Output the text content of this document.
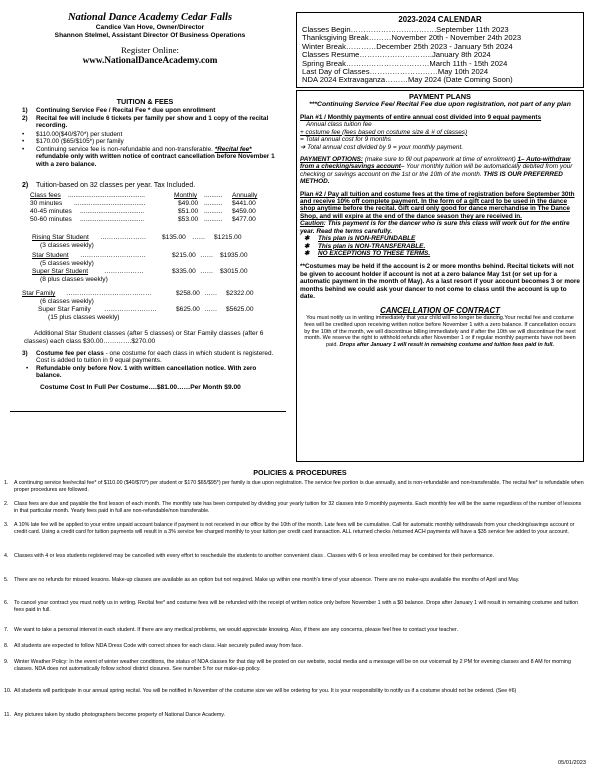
National Dance Academy Cedar Falls
Candice Van Hove, Owner/Director
Shannon Stelmel, Assistant Director Of Business Operations
Register Online:
www.NationalDanceAcademy.com
TUITION & FEES
1) Continuing Service Fee / Recital Fee * due upon enrollment
2) Recital fee will include 6 tickets per family per show and 1 copy of the recital recording.
• $110.00($40/$70*) per student
• $170.00 ($65/$105*) per family
• Continuing service fee is non-refundable and non-transferable. *Recital fee* refundable only with written notice of contract cancellation before November 1 with a zero balance.
2) Tuition-based on 32 classes per year. Tax Included.
Class fees ..........................................	Monthly .......... Annually
30 minutes .......................................	$49.00 .......... $441.00
40-45 minutes ...................................	$51.00 .......... $459.00
50-60 minutes ...................................	$53.00 .......... $477.00
Rising Star Student ………………… $135.00 …… $1215.00
(3 classes weekly)
Star Student …………………………	$215.00 …… $1935.00
(5 classes weekly)
Super Star Student ………………	$335.00 …… $3015.00
(8 plus classes weekly)
Star Family …………………………………	$258.00 …… $2322.00
(6 classes weekly)
Super Star Family ……………………	$625.00 …… $5625.00
(15 plus classes weekly)
Additional Star Student classes (after 5 classes) or Star Family classes (after 6 classes) each class $30.00………….$270.00
3) Costume fee per class - one costume for each class in which student is registered. Cost is added to tuition in 9 equal payments.
• Refundable only before Nov. 1 with written cancellation notice. With zero balance.
Costume Cost In Full Per Costume….$81.00……Per Month $9.00
2023-2024 CALENDAR
Classes Begin…………………………….September 11th 2023
Thanksgiving Break………November 20th - November 24th 2023
Winter Break…………December 25th 2023 - January 5th 2024
Classes Resume………………………..January 8th 2024
Spring Break……………………………March 11th - 15th 2024
Last Day of Classes………………………May 10th 2024
NDA 2024 Extravaganza………May 2024 (Date Coming Soon)
PAYMENT PLANS
***Continuing Service Fee/ Recital Fee due upon registration, not part of any plan
Plan #1 / Monthly payments of entire annual cost divided into 9 equal payments
Annual class tuition fee
+ costume fee (fees based on costume size & # of classes)
= Total annual cost for 9 months
➔ Total annual cost divided by 9 = your monthly payment.
PAYMENT OPTIONS: (make sure to fill out paperwork at time of enrollment) 1– Auto-withdraw from a checking/savings account– Your monthly tuition will be automatically debited from your checking or savings account on the 1st or the 10th of the month. THIS IS OUR PREFERRED METHOD.
Plan #2 / Pay all tuition and costume fees at the time of registration before September 30th and receive 10% off complete payment. In the form of a gift card to be used in the dance shop anytime before the recital. Gift card only good for dance merchandise in The Dance Shop, and will expire at the end of the dance season they are received in.
Caution: This payment is for the dancer who is sure this class will work out for the entire year. Read the terms carefully.
✱ This plan is NON-REFUNDABLE
✱ This plan is NON-TRANSFERABLE.
✱ NO EXCEPTIONS TO THESE TERMS.
**Costumes may be held if the account is 2 or more months behind. Recital tickets will not be given to account holder if account is not at a zero balance May 1st (or set up for a automatic payment in the month of May). As a last resort if your account becomes 3 or more months behind we could ask your dancer to not come to class until the account is up to date.
CANCELLATION OF CONTRACT
You must notify us in writing immediately that your child will no longer be dancing.Your recital fee and costume fees will be credited upon receiving written notice before November 1 with a zero balance. If cancellation occurs by the 10th of the month, we will discontinue billing immediately and if after the 10th we will discontinue the next month. We reserve the right to withhold refunds after November 1 or if regular monthly payments have not been paid. Drops after January 1 will result in remaining costume and tuition fees paid in full.
POLICIES & PROCEDURES
1. A continuing service fee/recital fee* of $110.00 ($40/$70*) per student or $170 $65/$95*) per family is due upon registration. The service fee portion is due annually, and is non-refundable and non-transferable. The recital fee* is refundable when proper procedures are followed.
2. Class fees are due and payable the first lesson of each month. The monthly rate has been computed by dividing your yearly tuition for 32 classes into 9 monthly payments. Each monthly fee will be the same regardless of the number of lessons in that particular month. Yearly fees paid in full are non-refundable/non transferable.
3. A 10% late fee will be applied to your entire unpaid account balance if payment is not received in our office by the 10th of the month. Late fees will be cumulative. Call for automatic monthly withdrawals from your checking/savings account or credit card. Using a credit card for tuition payments will result in a 3% service fee charged monthly to your tuition per credit card transaction. ALL returned checks /returned ACH payments will have a $35 service fee added to your account.
4. Classes with 4 or less students registered may be cancelled with every effort to reschedule the students to another convenient class . Classes with 6 or less enrolled may be combined for their performance.
5. There are no refunds for missed lessons. Make-up classes are available as an option but not required. Make up within one month's time of your absence. There are no make-ups available the months of April and May.
6. To cancel your contract you must notify us in writing. Recital fee* and costume fees will be refunded with the receipt of written notice only before November 1 with a $0 balance. Drops after January 1 will result in remaining costume and tuition fees paid in full.
7. We want to take a personal interest in each student. If there are any medical problems, we would appreciate knowing. Also, if there are any concerns, please feel free to contact your teacher.
8. All students are expected to follow NDA Dress Code with correct shoes for each class. Hair securely pulled away from face.
9. Winter Weather Policy: In the event of winter weather conditions, the status of NDA classes for that day will be posted on our website, social media and a message will be on our voicemail by 2 PM for evening classes and 8 AM for morning classes. NDA does not automatically follow school district closures. See number 5 for our make-up policy.
10. All students will participate in our annual spring recital. You will be notified in November of the costume size we will be ordering for you. It is your responsibility to notify us if a costume should not be ordered. (See #6)
11. Any pictures taken by studio photographers become property of National Dance Academy.
05/01/2023
